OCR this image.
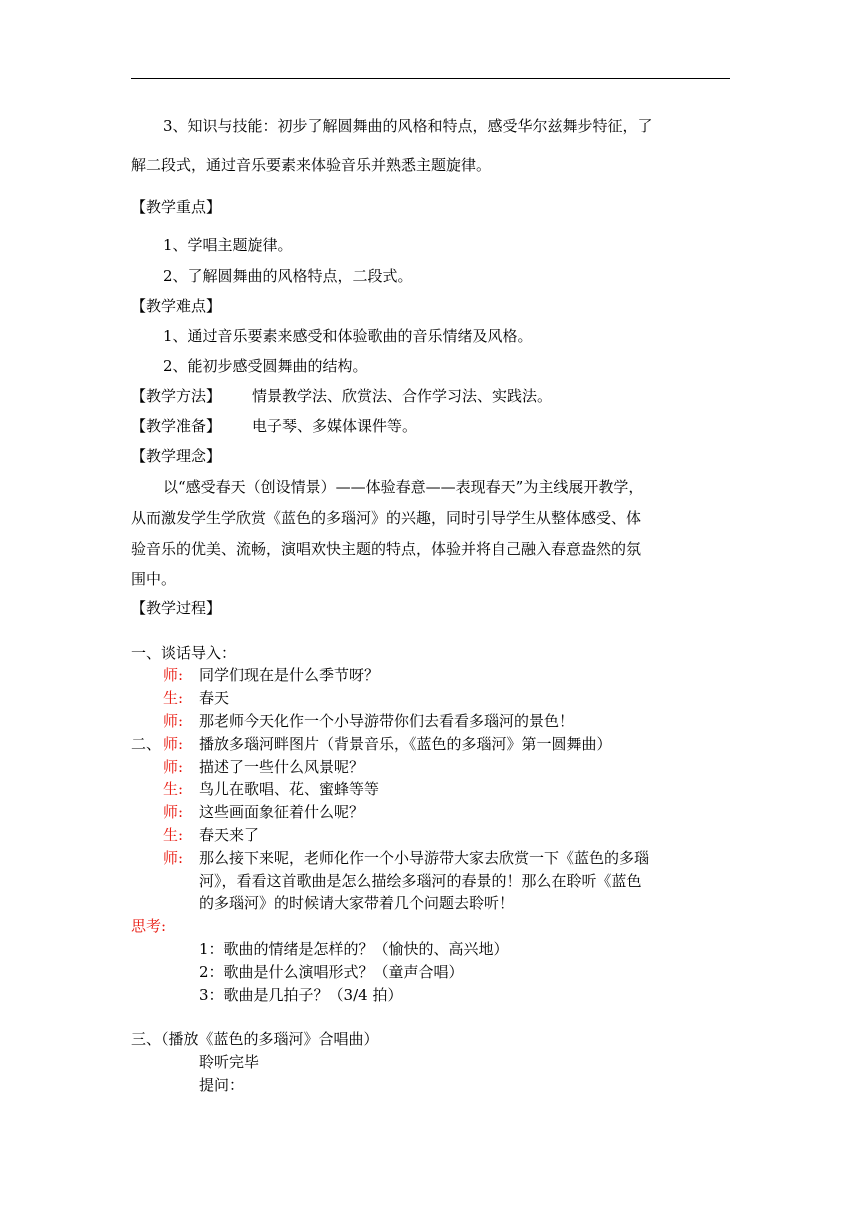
3、知识与技能：初步了解圆舞曲的风格和特点，感受华尔兹舞步特征，了
解二段式，通过音乐要素来体验音乐并熟悉主题旋律。
【教学重点】
1、学唱主题旋律。
2、了解圆舞曲的风格特点，二段式。
【教学难点】
1、通过音乐要素来感受和体验歌曲的音乐情绪及风格。
2、能初步感受圆舞曲的结构。
【教学方法】 情景教学法、欣赏法、合作学习法、实践法。
【教学准备】 电子琴、多媒体课件等。
【教学理念】
以“感受春天（创设情景）——体验春意——表现春天”为主线展开教学，
从而激发学生学欣赏《蓝色的多瑙河》的兴趣，同时引导学生从整体感受、体
验音乐的优美、流畅，演唱欢快主题的特点，体验并将自己融入春意盎然的氛
围中。
【教学过程】
一、谈话导入：
师: 同学们现在是什么季节呀？
生: 春天
师: 那老师今天化作一个小导游带你们去看看多瑙河的景色！
二、 师: 播放多瑙河畔图片（背景音乐，《蓝色的多瑙河》第一圆舞曲）
师: 描述了一些什么风景呢？
生: 鸟儿在歌唱、花、蜜蜂等等
师: 这些画面象征着什么呢？
生: 春天来了
师: 那么接下来呢，老师化作一个小导游带大家去欣赏一下《蓝色的多瑙
河》，看看这首歌曲是怎么描绘多瑙河的春景的！那么在聆听《蓝色
的多瑙河》的时候请大家带着几个问题去聆听！
思考:
1：歌曲的情绪是怎样的？（愉快的、高兴地）
2：歌曲是什么演唱形式？（童声合唱）
3：歌曲是几拍子？（3/4 拍）
三、（播放《蓝色的多瑙河》合唱曲）
聆听完毕
提问：
